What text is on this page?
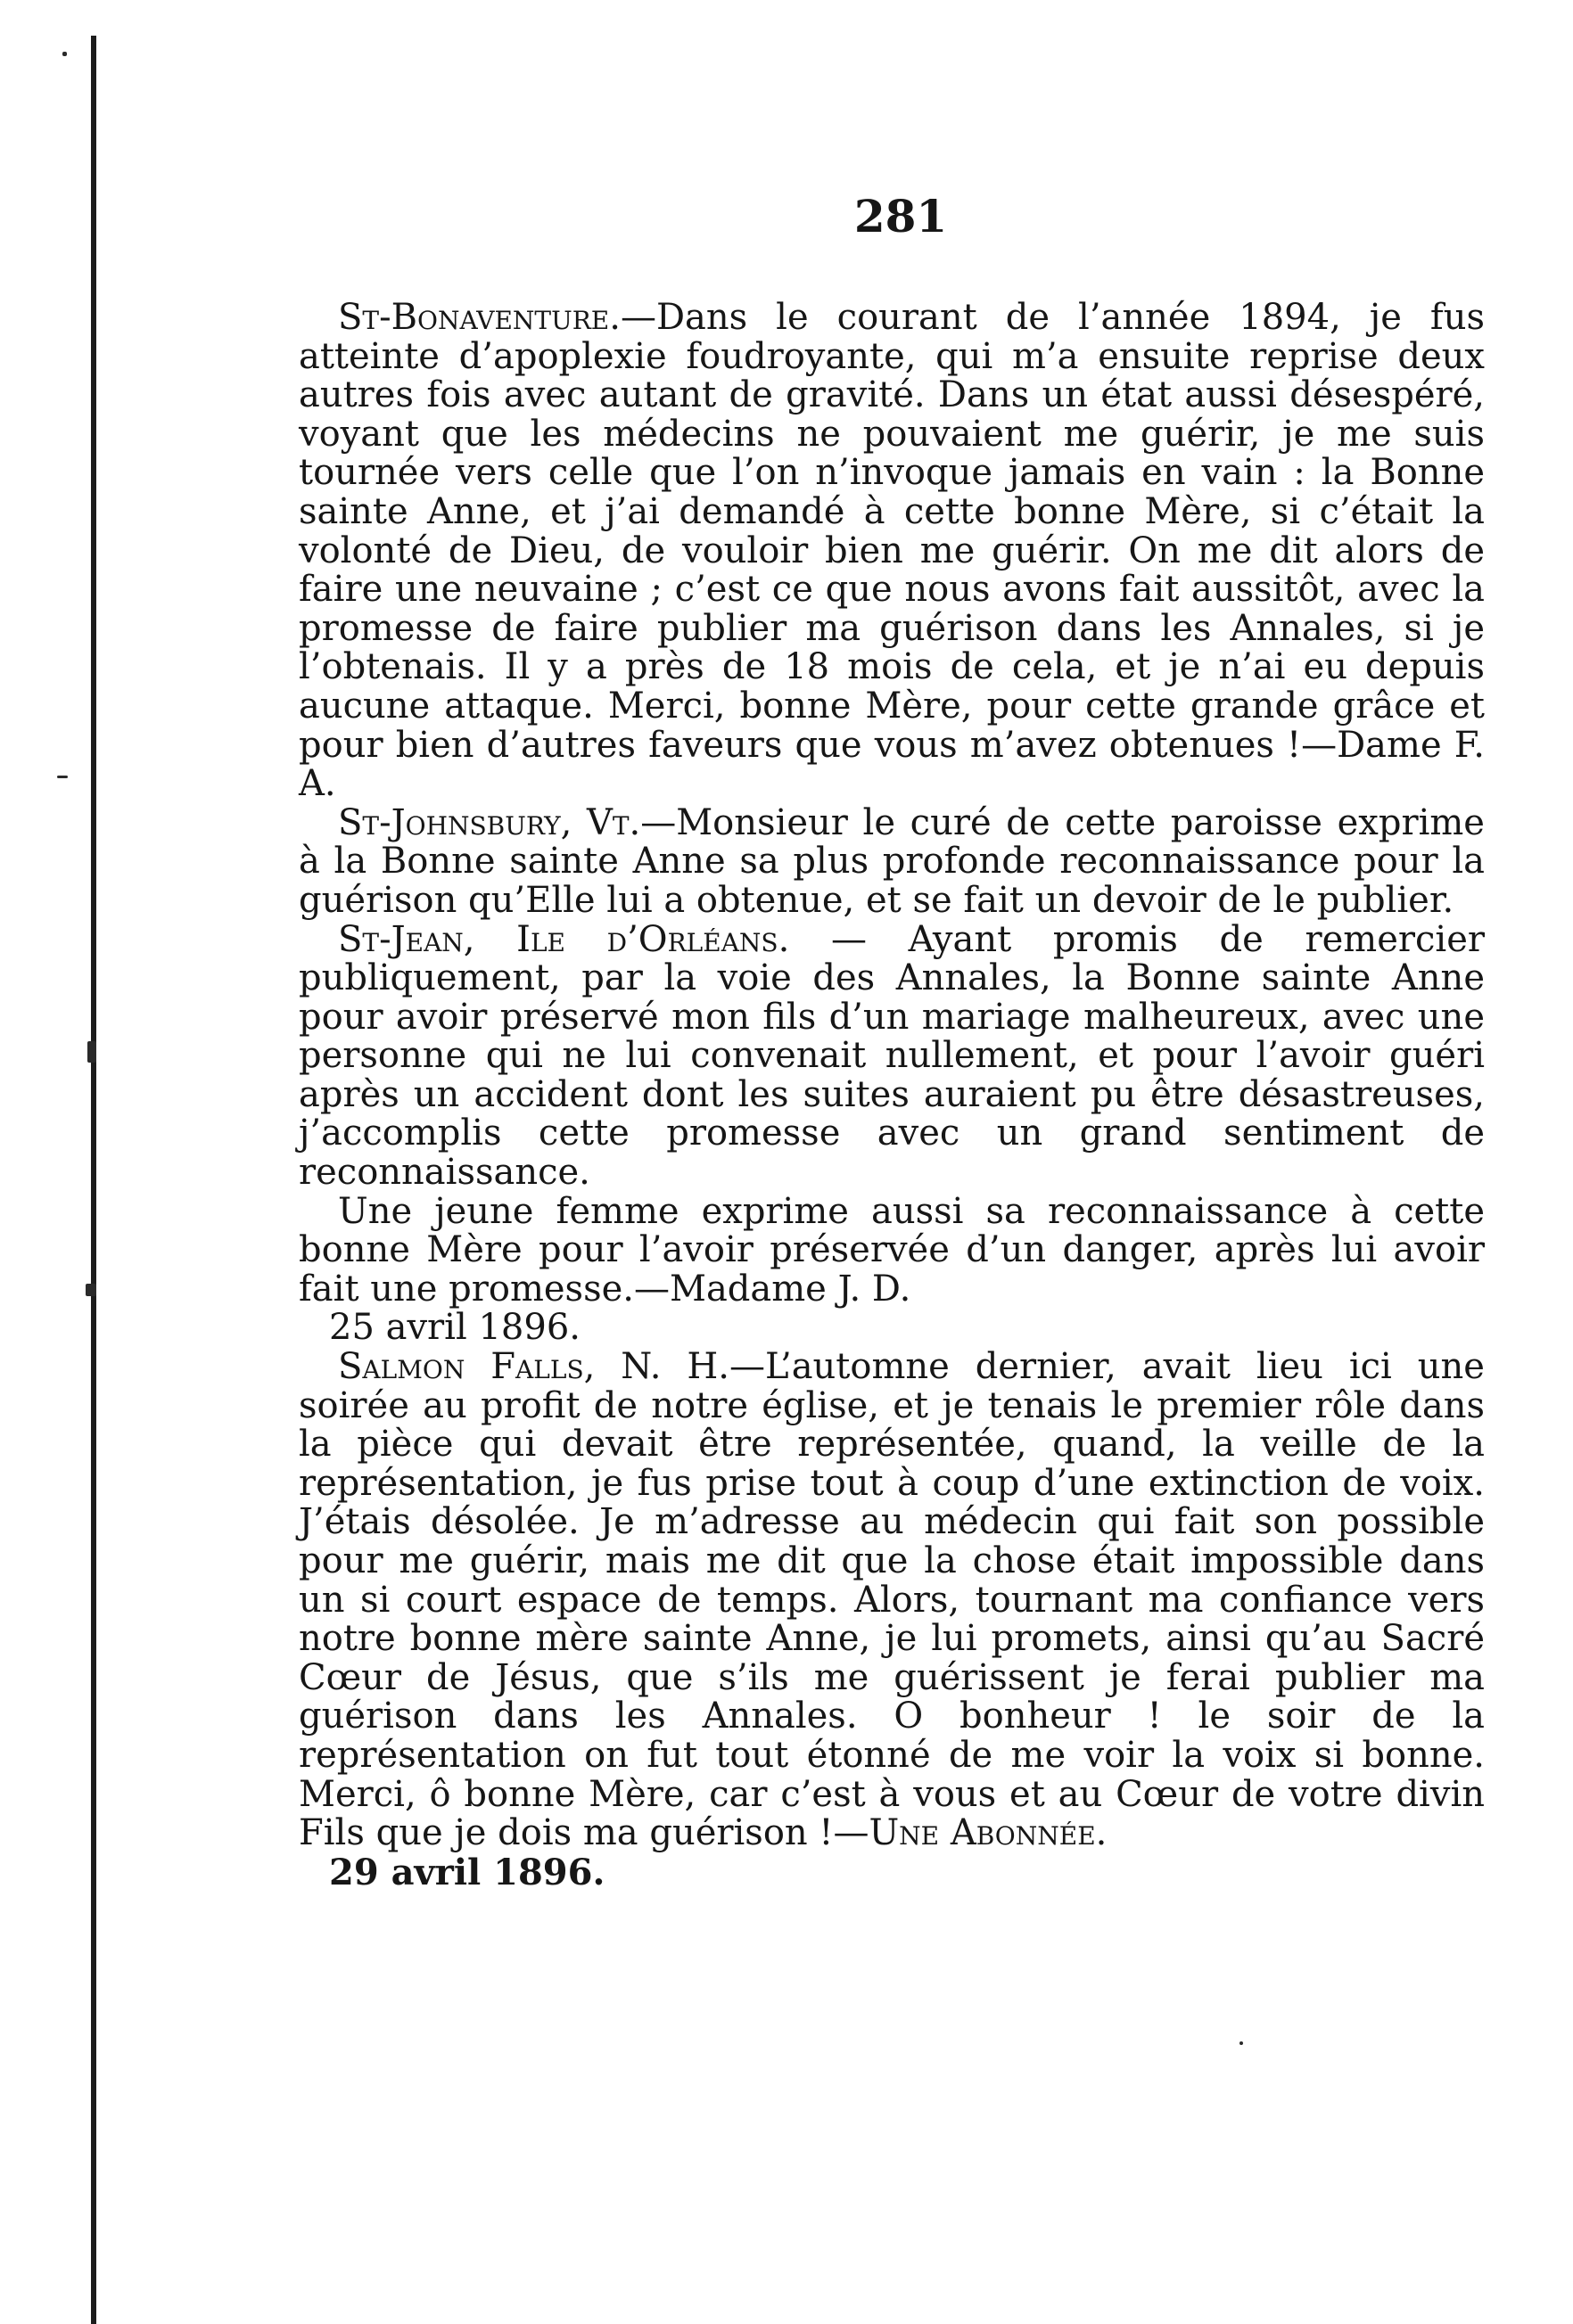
281

St-Bonaventure.—Dans le courant de l’année 1894, je fus atteinte d’apoplexie foudroyante, qui m’a ensuite reprise deux autres fois avec autant de gravité. Dans un état aussi désespéré, voyant que les médecins ne pouvaient me guérir, je me suis tournée vers celle que l’on n’invoque jamais en vain : la Bonne sainte Anne, et j’ai demandé à cette bonne Mère, si c’était la volonté de Dieu, de vouloir bien me guérir. On me dit alors de faire une neuvaine ; c’est ce que nous avons fait aussitôt, avec la promesse de faire publier ma guérison dans les Annales, si je l’obtenais. Il y a près de 18 mois de cela, et je n’ai eu depuis aucune attaque. Merci, bonne Mère, pour cette grande grâce et pour bien d’autres faveurs que vous m’avez obtenues !—Dame F. A.

St-Johnsbury, Vt.—Monsieur le curé de cette paroisse exprime à la Bonne sainte Anne sa plus profonde reconnaissance pour la guérison qu’Elle lui a obtenue, et se fait un devoir de le publier.

St-Jean, Ile d’Orléans. — Ayant promis de remercier publiquement, par la voie des Annales, la Bonne sainte Anne pour avoir préservé mon fils d’un mariage malheureux, avec une personne qui ne lui convenait nullement, et pour l’avoir guéri après un accident dont les suites auraient pu être désastreuses, j’accomplis cette promesse avec un grand sentiment de reconnaissance.

Une jeune femme exprime aussi sa reconnaissance à cette bonne Mère pour l’avoir préservée d’un danger, après lui avoir fait une promesse.—Madame J. D.

25 avril 1896.

Salmon Falls, N. H.—L’automne dernier, avait lieu ici une soirée au profit de notre église, et je tenais le premier rôle dans la pièce qui devait être représentée, quand, la veille de la représentation, je fus prise tout à coup d’une extinction de voix. J’étais désolée. Je m’adresse au médecin qui fait son possible pour me guérir, mais me dit que la chose était impossible dans un si court espace de temps. Alors, tournant ma confiance vers notre bonne mère sainte Anne, je lui promets, ainsi qu’au Sacré Cœur de Jésus, que s’ils me guérissent je ferai publier ma guérison dans les Annales. O bonheur ! le soir de la représentation on fut tout étonné de me voir la voix si bonne. Merci, ô bonne Mère, car c’est à vous et au Cœur de votre divin Fils que je dois ma guérison !—Une Abonnée.

29 avril 1896.
